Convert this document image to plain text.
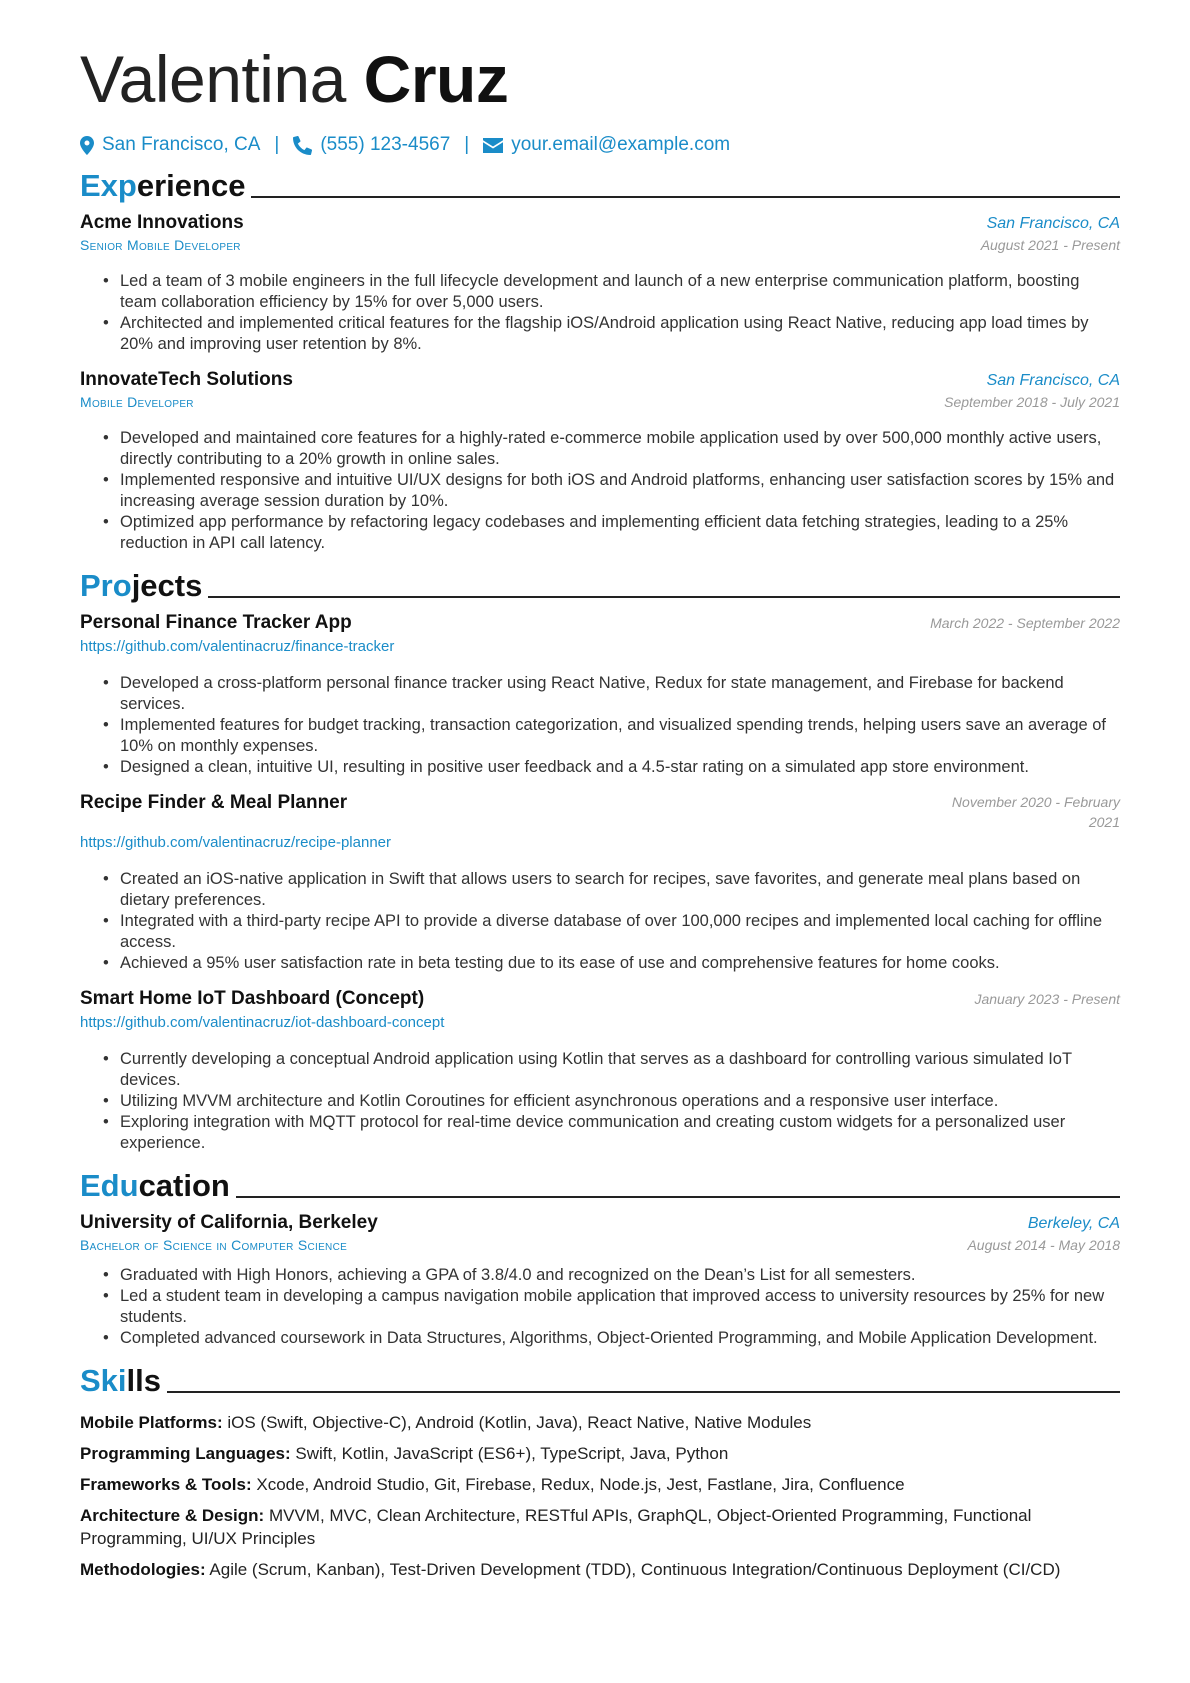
Valentina Cruz
San Francisco, CA | (555) 123-4567 | your.email@example.com
Experience
Acme Innovations	San Francisco, CA
Senior Mobile Developer	August 2021 - Present
• Led a team of 3 mobile engineers in the full lifecycle development and launch of a new enterprise communication platform, boosting team collaboration efficiency by 15% for over 5,000 users.
• Architected and implemented critical features for the flagship iOS/Android application using React Native, reducing app load times by 20% and improving user retention by 8%.
InnovateTech Solutions	San Francisco, CA
Mobile Developer	September 2018 - July 2021
• Developed and maintained core features for a highly-rated e-commerce mobile application used by over 500,000 monthly active users, directly contributing to a 20% growth in online sales.
• Implemented responsive and intuitive UI/UX designs for both iOS and Android platforms, enhancing user satisfaction scores by 15% and increasing average session duration by 10%.
• Optimized app performance by refactoring legacy codebases and implementing efficient data fetching strategies, leading to a 25% reduction in API call latency.
Projects
Personal Finance Tracker App	March 2022 - September 2022
https://github.com/valentinacruz/finance-tracker
• Developed a cross-platform personal finance tracker using React Native, Redux for state management, and Firebase for backend services.
• Implemented features for budget tracking, transaction categorization, and visualized spending trends, helping users save an average of 10% on monthly expenses.
• Designed a clean, intuitive UI, resulting in positive user feedback and a 4.5-star rating on a simulated app store environment.
Recipe Finder & Meal Planner	November 2020 - February 2021
https://github.com/valentinacruz/recipe-planner
• Created an iOS-native application in Swift that allows users to search for recipes, save favorites, and generate meal plans based on dietary preferences.
• Integrated with a third-party recipe API to provide a diverse database of over 100,000 recipes and implemented local caching for offline access.
• Achieved a 95% user satisfaction rate in beta testing due to its ease of use and comprehensive features for home cooks.
Smart Home IoT Dashboard (Concept)	January 2023 - Present
https://github.com/valentinacruz/iot-dashboard-concept
• Currently developing a conceptual Android application using Kotlin that serves as a dashboard for controlling various simulated IoT devices.
• Utilizing MVVM architecture and Kotlin Coroutines for efficient asynchronous operations and a responsive user interface.
• Exploring integration with MQTT protocol for real-time device communication and creating custom widgets for a personalized user experience.
Education
University of California, Berkeley	Berkeley, CA
Bachelor of Science in Computer Science	August 2014 - May 2018
• Graduated with High Honors, achieving a GPA of 3.8/4.0 and recognized on the Dean’s List for all semesters.
• Led a student team in developing a campus navigation mobile application that improved access to university resources by 25% for new students.
• Completed advanced coursework in Data Structures, Algorithms, Object-Oriented Programming, and Mobile Application Development.
Skills
Mobile Platforms: iOS (Swift, Objective-C), Android (Kotlin, Java), React Native, Native Modules
Programming Languages: Swift, Kotlin, JavaScript (ES6+), TypeScript, Java, Python
Frameworks & Tools: Xcode, Android Studio, Git, Firebase, Redux, Node.js, Jest, Fastlane, Jira, Confluence
Architecture & Design: MVVM, MVC, Clean Architecture, RESTful APIs, GraphQL, Object-Oriented Programming, Functional Programming, UI/UX Principles
Methodologies: Agile (Scrum, Kanban), Test-Driven Development (TDD), Continuous Integration/Continuous Deployment (CI/CD)
